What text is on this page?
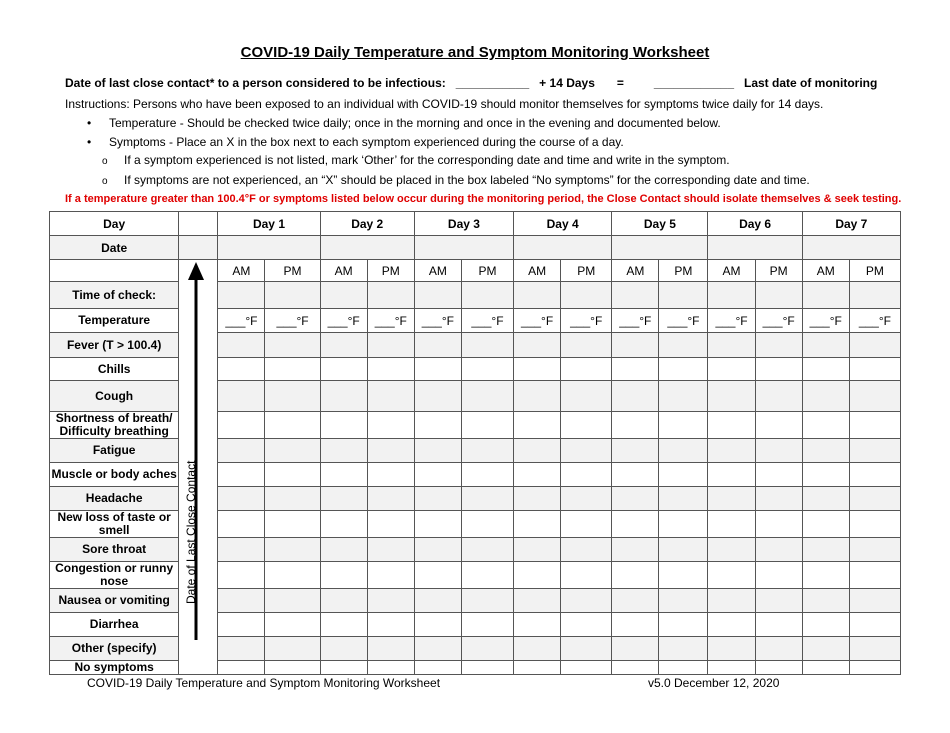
COVID-19 Daily Temperature and Symptom Monitoring Worksheet
Date of last close contact* to a person considered to be infectious: ___________ + 14 Days =	____________ Last date of monitoring
Instructions: Persons who have been exposed to an individual with COVID-19 should monitor themselves for symptoms twice daily for 14 days.
• Temperature - Should be checked twice daily; once in the morning and once in the evening and documented below.
• Symptoms - Place an X in the box next to each symptom experienced during the course of a day.
o If a symptom experienced is not listed, mark ‘Other’ for the corresponding date and time and write in the symptom.
o If symptoms are not experienced, an “X” should be placed in the box labeled “No symptoms” for the corresponding date and time.
If a temperature greater than 100.4°F or symptoms listed below occur during the monitoring period, the Close Contact should isolate themselves & seek testing.
Day		Day 1		Day 2		Day 3		Day 4		Day 5		Day 6		Day 7	
Date															

	Date of Last Close Contact	AM	PM	AM	PM	AM	PM	AM	PM	AM	PM	AM	PM	AM	PM
Time of check:															
Temperature		___°F	___°F	___°F	___°F	___°F	___°F	___°F	___°F	___°F	___°F	___°F	___°F	___°F	___°F
Fever (T > 100.4)															
Chills															
Cough															
Shortness of breath/ Difficulty breathing															
Fatigue															
Muscle or body aches															
Headache															
New loss of taste or smell															
Sore throat															
Congestion or runny nose															
Nausea or vomiting															
Diarrhea															
Other (specify)															
No symptoms															
COVID-19 Daily Temperature and Symptom Monitoring Worksheet	v5.0 December 12, 2020
